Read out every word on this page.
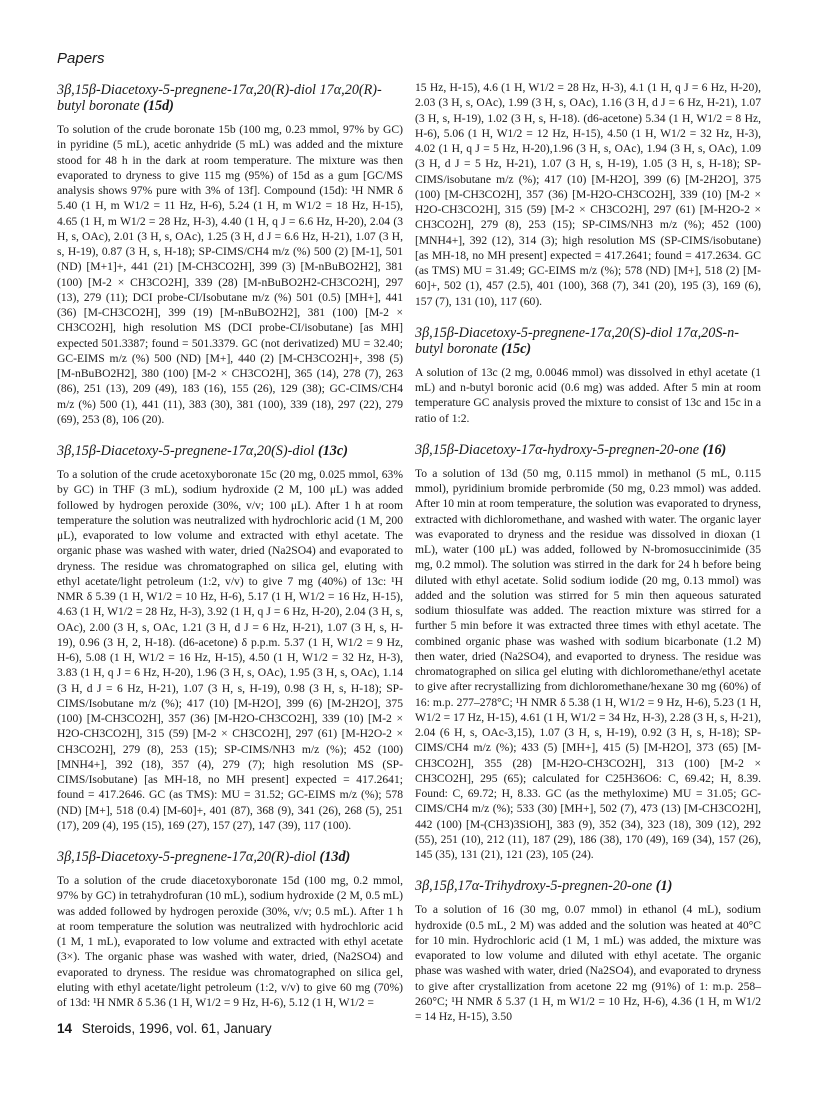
Papers
3β,15β-Diacetoxy-5-pregnene-17α,20(R)-diol 17α,20(R)-butyl boronate (15d)

To solution of the crude boronate 15b (100 mg, 0.23 mmol, 97% by GC) in pyridine (5 mL), acetic anhydride (5 mL) was added and the mixture stood for 48 h in the dark at room temperature. The mixture was then evaporated to dryness to give 115 mg (95%) of 15d as a gum [GC/MS analysis shows 97% pure with 3% of 13f]. Compound (15d): ¹H NMR δ 5.40 (1 H, m W1/2 = 11 Hz, H-6), 5.24 (1 H, m W1/2 = 18 Hz, H-15), 4.65 (1 H, m W1/2 = 28 Hz, H-3), 4.40 (1 H, q J = 6.6 Hz, H-20), 2.04 (3 H, s, OAc), 2.01 (3 H, s, OAc), 1.25 (3 H, d J = 6.6 Hz, H-21), 1.07 (3 H, s, H-19), 0.87 (3 H, s, H-18); SP-CIMS/CH4 m/z (%) 500 (2) [M-1], 501 (ND) [M+1]+, 441 (21) [M-CH3CO2H], 399 (3) [M-nBuBO2H2], 381 (100) [M-2 × CH3CO2H], 339 (28) [M-nBuBO2H2-CH3CO2H], 297 (13), 279 (11); DCI probe-CI/Isobutane m/z (%) 501 (0.5) [MH+], 441 (36) [M-CH3CO2H], 399 (19) [M-nBuBO2H2], 381 (100) [M-2 × CH3CO2H], high resolution MS (DCI probe-CI/isobutane) [as MH] expected 501.3387; found = 501.3379. GC (not derivatized) MU = 32.40; GC-EIMS m/z (%) 500 (ND) [M+], 440 (2) [M-CH3CO2H]+, 398 (5) [M-nBuBO2H2], 380 (100) [M-2 × CH3CO2H], 365 (14), 278 (7), 263 (86), 251 (13), 209 (49), 183 (16), 155 (26), 129 (38); GC-CIMS/CH4 m/z (%) 500 (1), 441 (11), 383 (30), 381 (100), 339 (18), 297 (22), 279 (69), 253 (8), 106 (20).

3β,15β-Diacetoxy-5-pregnene-17α,20(S)-diol (13c)

To a solution of the crude acetoxyboronate 15c (20 mg, 0.025 mmol, 63% by GC) in THF (3 mL), sodium hydroxide (2 M, 100 μL) was added followed by hydrogen peroxide (30%, v/v; 100 μL). After 1 h at room temperature the solution was neutralized with hydrochloric acid (1 M, 200 μL), evaporated to low volume and extracted with ethyl acetate. The organic phase was washed with water, dried (Na2SO4) and evaporated to dryness. The residue was chromatographed on silica gel, eluting with ethyl acetate/light petroleum (1:2, v/v) to give 7 mg (40%) of 13c: ¹H NMR δ 5.39 (1 H, W1/2 = 10 Hz, H-6), 5.17 (1 H, W1/2 = 16 Hz, H-15), 4.63 (1 H, W1/2 = 28 Hz, H-3), 3.92 (1 H, q J = 6 Hz, H-20), 2.04 (3 H, s, OAc), 2.00 (3 H, s, OAc, 1.21 (3 H, d J = 6 Hz, H-21), 1.07 (3 H, s, H-19), 0.96 (3 H, 2, H-18). (d6-acetone) δ p.p.m. 5.37 (1 H, W1/2 = 9 Hz, H-6), 5.08 (1 H, W1/2 = 16 Hz, H-15), 4.50 (1 H, W1/2 = 32 Hz, H-3), 3.83 (1 H, q J = 6 Hz, H-20), 1.96 (3 H, s, OAc), 1.95 (3 H, s, OAc), 1.14 (3 H, d J = 6 Hz, H-21), 1.07 (3 H, s, H-19), 0.98 (3 H, s, H-18); SP-CIMS/Isobutane m/z (%); 417 (10) [M-H2O], 399 (6) [M-2H2O], 375 (100) [M-CH3CO2H], 357 (36) [M-H2O-CH3CO2H], 339 (10) [M-2 × H2O-CH3CO2H], 315 (59) [M-2 × CH3CO2H], 297 (61) [M-H2O-2 × CH3CO2H], 279 (8), 253 (15); SP-CIMS/NH3 m/z (%); 452 (100) [MNH4+], 392 (18), 357 (4), 279 (7); high resolution MS (SP-CIMS/Isobutane) [as MH-18, no MH present] expected = 417.2641; found = 417.2646. GC (as TMS): MU = 31.52; GC-EIMS m/z (%); 578 (ND) [M+], 518 (0.4) [M-60]+, 401 (87), 368 (9), 341 (26), 268 (5), 251 (17), 209 (4), 195 (15), 169 (27), 157 (27), 147 (39), 117 (100).

3β,15β-Diacetoxy-5-pregnene-17α,20(R)-diol (13d)

To a solution of the crude diacetoxyboronate 15d (100 mg, 0.2 mmol, 97% by GC) in tetrahydrofuran (10 mL), sodium hydroxide (2 M, 0.5 mL) was added followed by hydrogen peroxide (30%, v/v; 0.5 mL). After 1 h at room temperature the solution was neutralized with hydrochloric acid (1 M, 1 mL), evaporated to low volume and extracted with ethyl acetate (3×). The organic phase was washed with water, dried, (Na2SO4) and evaporated to dryness. The residue was chromatographed on silica gel, eluting with ethyl acetate/light petroleum (1:2, v/v) to give 60 mg (70%) of 13d: ¹H NMR δ 5.36 (1 H, W1/2 = 9 Hz, H-6), 5.12 (1 H, W1/2 =

15 Hz, H-15), 4.6 (1 H, W1/2 = 28 Hz, H-3), 4.1 (1 H, q J = 6 Hz, H-20), 2.03 (3 H, s, OAc), 1.99 (3 H, s, OAc), 1.16 (3 H, d J = 6 Hz, H-21), 1.07 (3 H, s, H-19), 1.02 (3 H, s, H-18). (d6-acetone) 5.34 (1 H, W1/2 = 8 Hz, H-6), 5.06 (1 H, W1/2 = 12 Hz, H-15), 4.50 (1 H, W1/2 = 32 Hz, H-3), 4.02 (1 H, q J = 5 Hz, H-20),1.96 (3 H, s, OAc), 1.94 (3 H, s, OAc), 1.09 (3 H, d J = 5 Hz, H-21), 1.07 (3 H, s, H-19), 1.05 (3 H, s, H-18); SP-CIMS/isobutane m/z (%); 417 (10) [M-H2O], 399 (6) [M-2H2O], 375 (100) [M-CH3CO2H], 357 (36) [M-H2O-CH3CO2H], 339 (10) [M-2 × H2O-CH3CO2H], 315 (59) [M-2 × CH3CO2H], 297 (61) [M-H2O-2 × CH3CO2H], 279 (8), 253 (15); SP-CIMS/NH3 m/z (%); 452 (100) [MNH4+], 392 (12), 314 (3); high resolution MS (SP-CIMS/isobutane) [as MH-18, no MH present] expected = 417.2641; found = 417.2634. GC (as TMS) MU = 31.49; GC-EIMS m/z (%); 578 (ND) [M+], 518 (2) [M-60]+, 502 (1), 457 (2.5), 401 (100), 368 (7), 341 (20), 195 (3), 169 (6), 157 (7), 131 (10), 117 (60).

3β,15β-Diacetoxy-5-pregnene-17α,20(S)-diol 17α,20S-n-butyl boronate (15c)

A solution of 13c (2 mg, 0.0046 mmol) was dissolved in ethyl acetate (1 mL) and n-butyl boronic acid (0.6 mg) was added. After 5 min at room temperature GC analysis proved the mixture to consist of 13c and 15c in a ratio of 1:2.

3β,15β-Diacetoxy-17α-hydroxy-5-pregnen-20-one (16)

To a solution of 13d (50 mg, 0.115 mmol) in methanol (5 mL, 0.115 mmol), pyridinium bromide perbromide (50 mg, 0.23 mmol) was added. After 10 min at room temperature, the solution was evaporated to dryness, extracted with dichloromethane, and washed with water. The organic layer was evaporated to dryness and the residue was dissolved in dioxan (1 mL), water (100 μL) was added, followed by N-bromosuccinimide (35 mg, 0.2 mmol). The solution was stirred in the dark for 24 h before being diluted with ethyl acetate. Solid sodium iodide (20 mg, 0.13 mmol) was added and the solution was stirred for 5 min then aqueous saturated sodium thiosulfate was added. The reaction mixture was stirred for a further 5 min before it was extracted three times with ethyl acetate. The combined organic phase was washed with sodium bicarbonate (1.2 M) then water, dried (Na2SO4), and evaported to dryness. The residue was chromatographed on silica gel eluting with dichloromethane/ethyl acetate to give after recrystallizing from dichloromethane/hexane 30 mg (60%) of 16: m.p. 277–278°C; ¹H NMR δ 5.38 (1 H, W1/2 = 9 Hz, H-6), 5.23 (1 H, W1/2 = 17 Hz, H-15), 4.61 (1 H, W1/2 = 34 Hz, H-3), 2.28 (3 H, s, H-21), 2.04 (6 H, s, OAc-3,15), 1.07 (3 H, s, H-19), 0.92 (3 H, s, H-18); SP-CIMS/CH4 m/z (%); 433 (5) [MH+], 415 (5) [M-H2O], 373 (65) [M-CH3CO2H], 355 (28) [M-H2O-CH3CO2H], 313 (100) [M-2 × CH3CO2H], 295 (65); calculated for C25H36O6: C, 69.42; H, 8.39. Found: C, 69.72; H, 8.33. GC (as the methyloxime) MU = 31.05; GC-CIMS/CH4 m/z (%); 533 (30) [MH+], 502 (7), 473 (13) [M-CH3CO2H], 442 (100) [M-(CH3)3SiOH], 383 (9), 352 (34), 323 (18), 309 (12), 292 (55), 251 (10), 212 (11), 187 (29), 186 (38), 170 (49), 169 (34), 157 (26), 145 (35), 131 (21), 121 (23), 105 (24).

3β,15β,17α-Trihydroxy-5-pregnen-20-one (1)

To a solution of 16 (30 mg, 0.07 mmol) in ethanol (4 mL), sodium hydroxide (0.5 mL, 2 M) was added and the solution was heated at 40°C for 10 min. Hydrochloric acid (1 M, 1 mL) was added, the mixture was evaporated to low volume and diluted with ethyl acetate. The organic phase was washed with water, dried (Na2SO4), and evaporated to dryness to give after crystallization from acetone 22 mg (91%) of 1: m.p. 258–260°C; ¹H NMR δ 5.37 (1 H, m W1/2 = 10 Hz, H-6), 4.36 (1 H, m W1/2 = 14 Hz, H-15), 3.50

14 Steroids, 1996, vol. 61, January
